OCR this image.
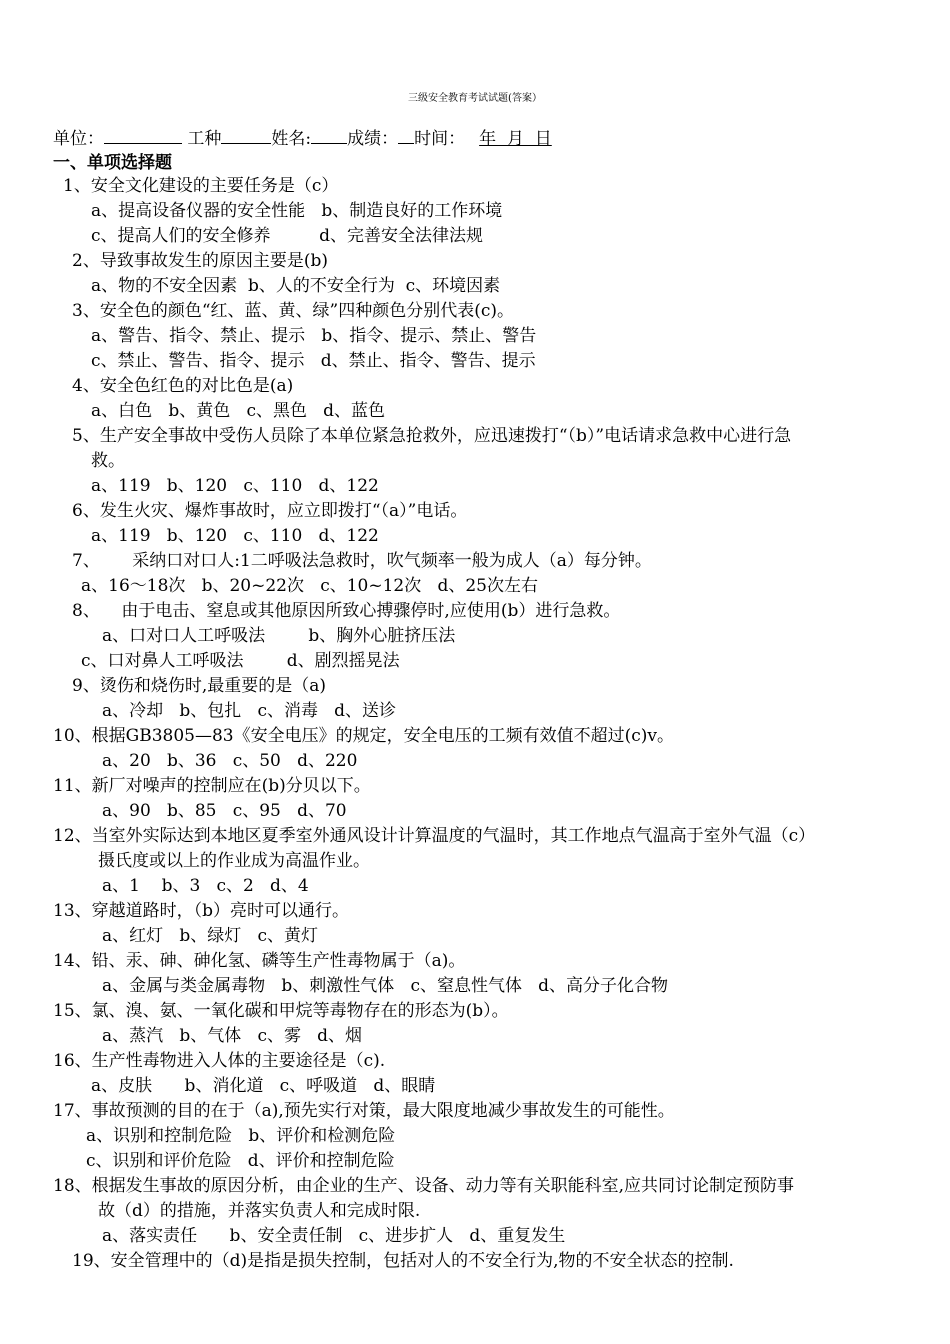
三级安全教育考试试题(答案）
单位：	工种	姓名: 成绩： 时间： 年  月  日
一、单项选择题
1、安全文化建设的主要任务是（c）
a、提高设备仪器的安全性能   b、制造良好的工作环境
c、提高人们的安全修养         d、完善安全法律法规
2、导致事故发生的原因主要是(b)
a、物的不安全因素  b、人的不安全行为  c、环境因素
3、安全色的颜色“红、蓝、黄、绿”四种颜色分别代表(c)。
a、警告、指令、禁止、提示   b、指令、提示、禁止、警告
c、禁止、警告、指令、提示   d、禁止、指令、警告、提示
4、安全色红色的对比色是(a)
a、白色   b、黄色   c、黑色   d、蓝色
5、生产安全事故中受伤人员除了本单位紧急抢救外，应迅速拨打“（b）”电话请求急救中心进行急
救。
a、119   b、120   c、110   d、122
6、发生火灾、爆炸事故时，应立即拨打“（a）”电话。
a、119   b、120   c、110   d、122
7、      采纳口对口人:1二呼吸法急救时，吹气频率一般为成人（a）每分钟。
a、16～18次   b、20~22次   c、10~12次   d、25次左右
8、    由于电击、窒息或其他原因所致心搏骤停时,应使用(b）进行急救。
a、口对口人工呼吸法        b、胸外心脏挤压法
c、口对鼻人工呼吸法        d、剧烈摇晃法
9、烫伤和烧伤时,最重要的是（a)
a、冷却   b、包扎   c、消毒   d、送诊
10、根据GB3805—83《安全电压》的规定，安全电压的工频有效值不超过(c)v。
a、20   b、36   c、50   d、220
11、新厂对噪声的控制应在(b)分贝以下。
a、90   b、85   c、95   d、70
12、当室外实际达到本地区夏季室外通风设计计算温度的气温时，其工作地点气温高于室外气温（c）
摄氏度或以上的作业成为高温作业。
a、1    b、3   c、2   d、4
13、穿越道路时，（b）亮时可以通行。
a、红灯   b、绿灯   c、黄灯
14、铅、汞、砷、砷化氢、磷等生产性毒物属于（a)。
a、金属与类金属毒物   b、刺激性气体   c、窒息性气体   d、高分子化合物
15、氯、溴、氨、一氧化碳和甲烷等毒物存在的形态为(b）。
a、蒸汽   b、气体   c、雾   d、烟
16、生产性毒物进入人体的主要途径是（c).
a、皮肤      b、消化道   c、呼吸道   d、眼睛
17、事故预测的目的在于（a),预先实行对策，最大限度地减少事故发生的可能性。
a、识别和控制危险   b、评价和检测危险
c、识别和评价危险   d、评价和控制危险
18、根据发生事故的原因分析，由企业的生产、设备、动力等有关职能科室,应共同讨论制定预防事
故（d）的措施，并落实负责人和完成时限.
a、落实责任      b、安全责任制   c、进步扩人   d、重复发生
19、安全管理中的（d)是指是损失控制，包括对人的不安全行为,物的不安全状态的控制.
